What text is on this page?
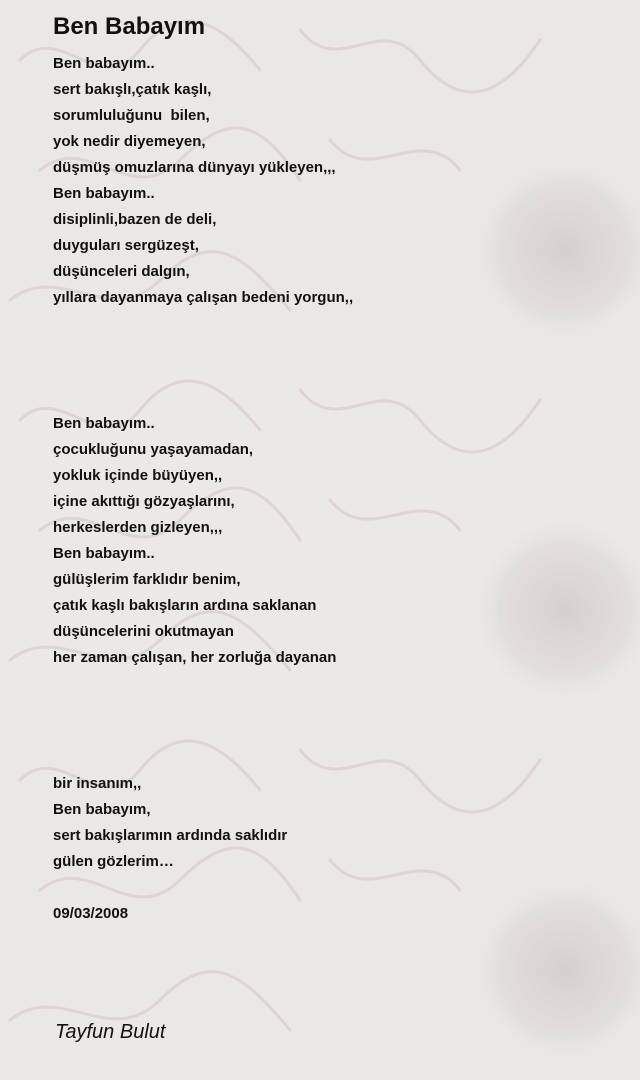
Ben Babayım
Ben babayım..
sert bakışlı,çatık kaşlı,
sorumluluğunu  bilen,
yok nedir diyemeyen,
düşmüş omuzlarına dünyayı yükleyen,,,
Ben babayım..
disiplinli,bazen de deli,
duyguları sergüzeşt,
düşünceleri dalgın,
yıllara dayanmaya çalışan bedeni yorgun,,
Ben babayım..
çocukluğunu yaşayamadan,
yokluk içinde büyüyen,,
içine akıttığı gözyaşlarını,
herkeslerden gizleyen,,,
Ben babayım..
gülüşlerim farklıdır benim,
çatık kaşlı bakışların ardına saklanan
düşüncelerini okutmayan
her zaman çalışan, her zorluğa dayanan
bir insanım,,
Ben babayım,
sert bakışlarımın ardında saklıdır
gülen gözlerim…
09/03/2008
Tayfun Bulut
